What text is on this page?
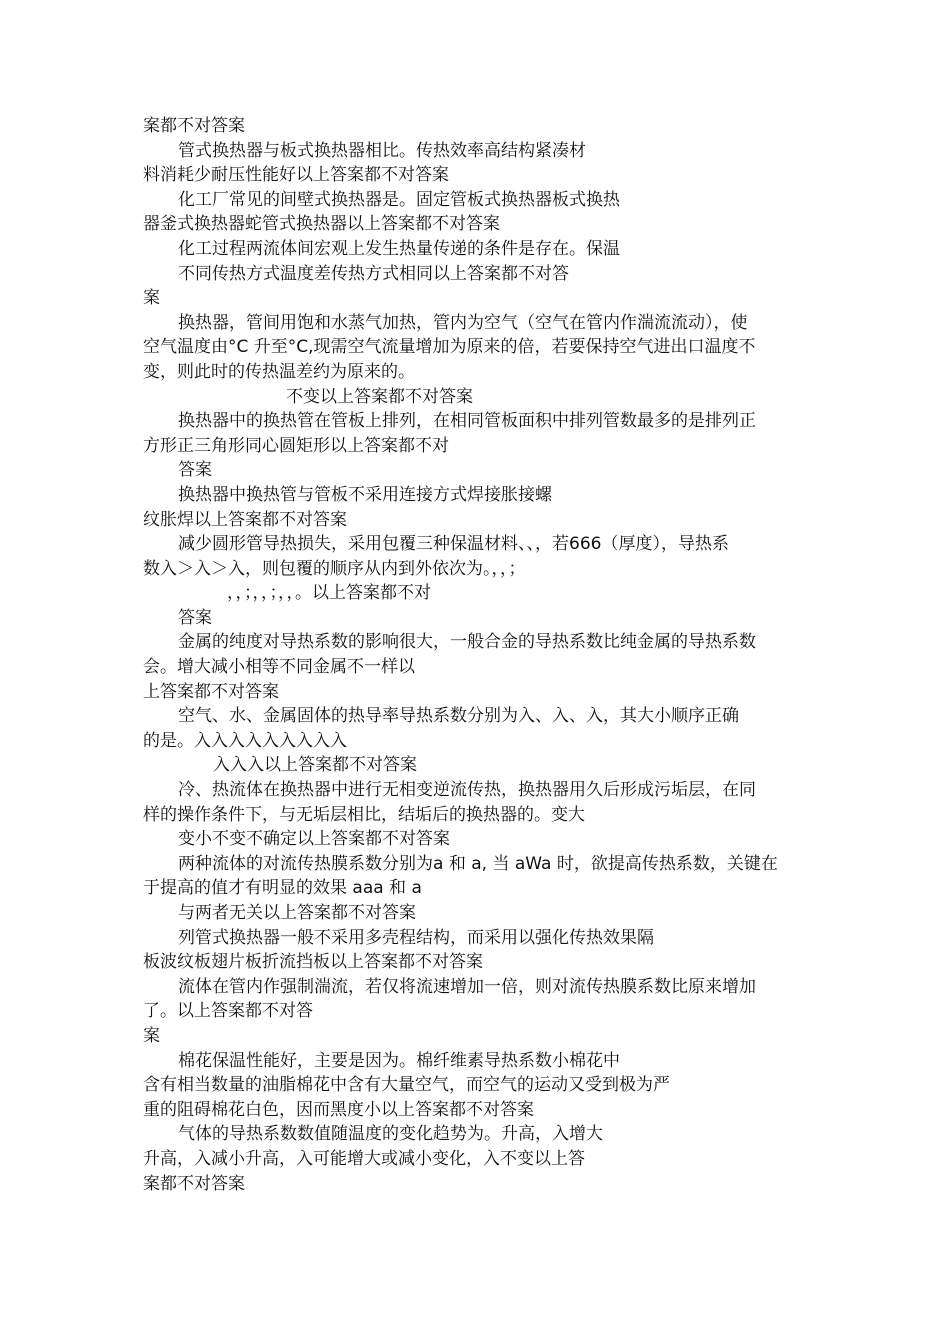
案都不对答案
管式换热器与板式换热器相比。传热效率高结构紧凑材
料消耗少耐压性能好以上答案都不对答案
化工厂常见的间壁式换热器是。固定管板式换热器板式换热
器釜式换热器蛇管式换热器以上答案都不对答案
化工过程两流体间宏观上发生热量传递的条件是存在。保温
不同传热方式温度差传热方式相同以上答案都不对答
案
换热器，管间用饱和水蒸气加热，管内为空气（空气在管内作湍流流动），使
空气温度由°C 升至°C,现需空气流量增加为原来的倍，若要保持空气进出口温度不
变，则此时的传热温差约为原来的。
不变以上答案都不对答案
换热器中的换热管在管板上排列，在相同管板面积中排列管数最多的是排列正
方形正三角形同心圆矩形以上答案都不对
答案
换热器中换热管与管板不采用连接方式焊接胀接螺
纹胀焊以上答案都不对答案
减少圆形管导热损失，采用包覆三种保温材料、、，若666（厚度），导热系
数入＞入＞入，则包覆的顺序从内到外依次为。，，；
，，；，，；，，。以上答案都不对
答案
金属的纯度对导热系数的影响很大，一般合金的导热系数比纯金属的导热系数
会。增大减小相等不同金属不一样以
上答案都不对答案
空气、水、金属固体的热导率导热系数分别为入、入、入，其大小顺序正确
的是。入入入入入入入入入
入入入以上答案都不对答案
冷、热流体在换热器中进行无相变逆流传热，换热器用久后形成污垢层，在同
样的操作条件下，与无垢层相比，结垢后的换热器的。变大
变小不变不确定以上答案都不对答案
两种流体的对流传热膜系数分别为a 和 a, 当 aWa 时，欲提高传热系数，关键在
于提高的值才有明显的效果 aaa 和 a
与两者无关以上答案都不对答案
列管式换热器一般不采用多壳程结构，而采用以强化传热效果隔
板波纹板翅片板折流挡板以上答案都不对答案
流体在管内作强制湍流，若仅将流速增加一倍，则对流传热膜系数比原来增加
了。以上答案都不对答
案
棉花保温性能好，主要是因为。棉纤维素导热系数小棉花中
含有相当数量的油脂棉花中含有大量空气，而空气的运动又受到极为严
重的阻碍棉花白色，因而黑度小以上答案都不对答案
气体的导热系数数值随温度的变化趋势为。升高，入增大
升高，入减小升高，入可能增大或减小变化，入不变以上答
案都不对答案
